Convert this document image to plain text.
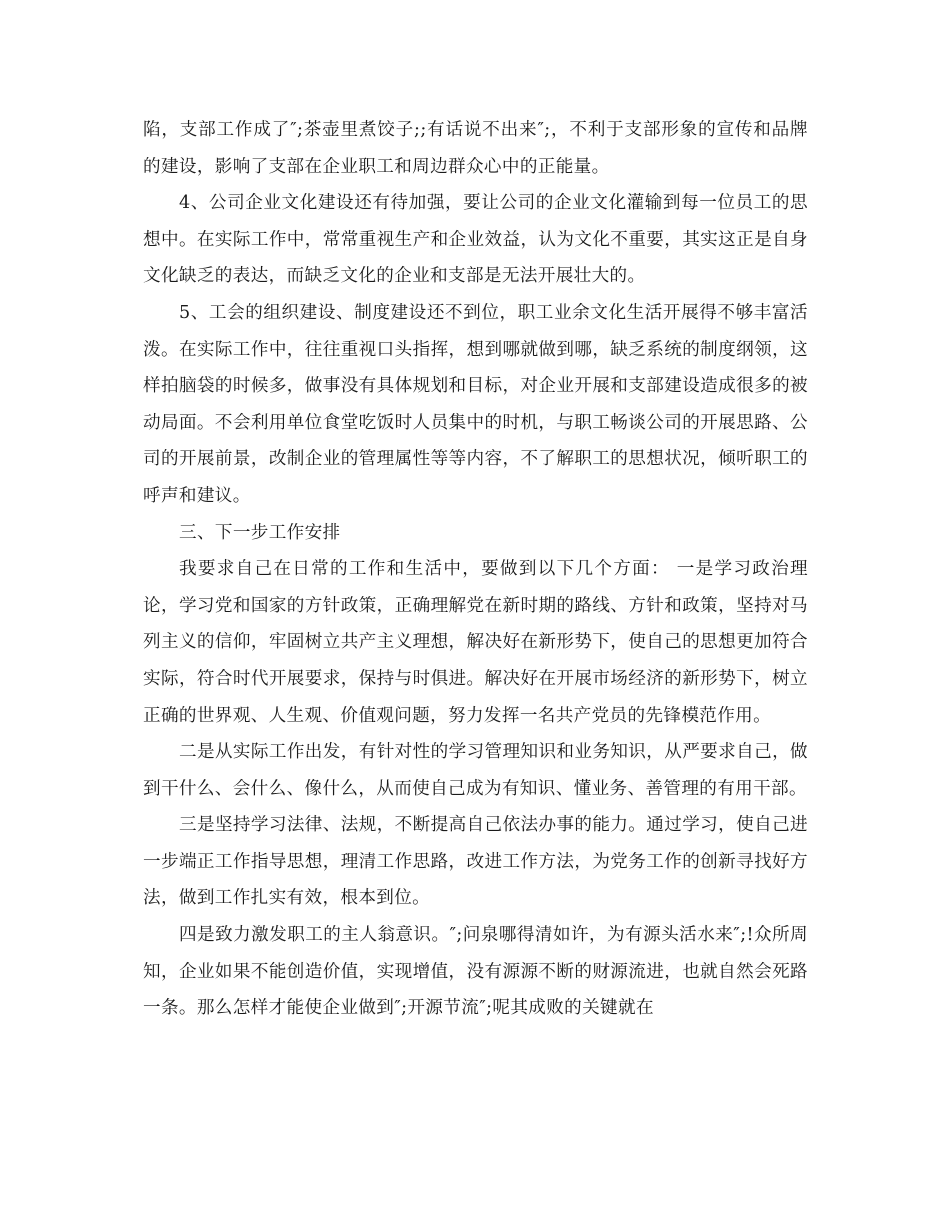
陷，支部工作成了″;茶壶里煮饺子;;有话说不出来″;，不利于支部形象的宣传和品牌的建设，影响了支部在企业职工和周边群众心中的正能量。

4、公司企业文化建设还有待加强，要让公司的企业文化灌输到每一位员工的思想中。在实际工作中，常常重视生产和企业效益，认为文化不重要，其实这正是自身文化缺乏的表达，而缺乏文化的企业和支部是无法开展壮大的。

5、工会的组织建设、制度建设还不到位，职工业余文化生活开展得不够丰富活泼。在实际工作中，往往重视口头指挥，想到哪就做到哪，缺乏系统的制度纲领，这样拍脑袋的时候多，做事没有具体规划和目标，对企业开展和支部建设造成很多的被动局面。不会利用单位食堂吃饭时人员集中的时机，与职工畅谈公司的开展思路、公司的开展前景，改制企业的管理属性等等内容，不了解职工的思想状况，倾听职工的呼声和建议。

三、下一步工作安排

我要求自己在日常的工作和生活中，要做到以下几个方面： 一是学习政治理论，学习党和国家的方针政策，正确理解党在新时期的路线、方针和政策，坚持对马列主义的信仰，牢固树立共产主义理想，解决好在新形势下，使自己的思想更加符合实际，符合时代开展要求，保持与时俱进。解决好在开展市场经济的新形势下，树立正确的世界观、人生观、价值观问题，努力发挥一名共产党员的先锋模范作用。

二是从实际工作出发，有针对性的学习管理知识和业务知识，从严要求自己，做到干什么、会什么、像什么，从而使自己成为有知识、懂业务、善管理的有用干部。

三是坚持学习法律、法规，不断提高自己依法办事的能力。通过学习，使自己进一步端正工作指导思想，理清工作思路，改进工作方法，为党务工作的创新寻找好方法，做到工作扎实有效，根本到位。

四是致力激发职工的主人翁意识。″;问泉哪得清如许，为有源头活水来″;!众所周知，企业如果不能创造价值，实现增值，没有源源不断的财源流进，也就自然会死路一条。那么怎样才能使企业做到″;开源节流″;呢其成败的关键就在
